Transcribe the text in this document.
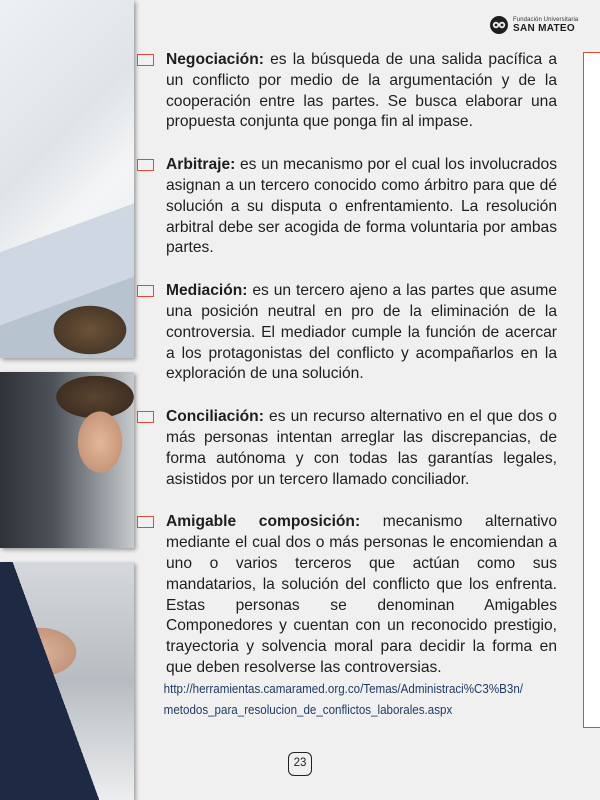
Fundación Universitaria
SAN MATEO

Negociación: es la búsqueda de una salida pacífica a un conflicto por medio de la argumentación y de la cooperación entre las partes. Se busca elaborar una propuesta conjunta que ponga fin al impase.

Arbitraje: es un mecanismo por el cual los involucrados asignan a un tercero conocido como árbitro para que dé solución a su disputa o enfrentamiento. La resolución arbitral debe ser acogida de forma voluntaria por ambas partes.

Mediación: es un tercero ajeno a las partes que asume una posición neutral en pro de la eliminación de la controversia. El mediador cumple la función de acercar a los protagonistas del conflicto y acompañarlos en la exploración de una solución.

Conciliación: es un recurso alternativo en el que dos o más personas intentan arreglar las discrepancias, de forma autónoma y con todas las garantías legales, asistidos por un tercero llamado conciliador.

Amigable composición: mecanismo alternativo mediante el cual dos o más personas le encomiendan a uno o varios terceros que actúan como sus mandatarios, la solución del conflicto que los enfrenta. Estas personas se denominan Amigables Componedores y cuentan con un reconocido prestigio, trayectoria y solvencia moral para decidir la forma en que deben resolverse las controversias.

http://herramientas.camaramed.org.co/Temas/Administraci%C3%B3n/
metodos_para_resolucion_de_conflictos_laborales.aspx
23
